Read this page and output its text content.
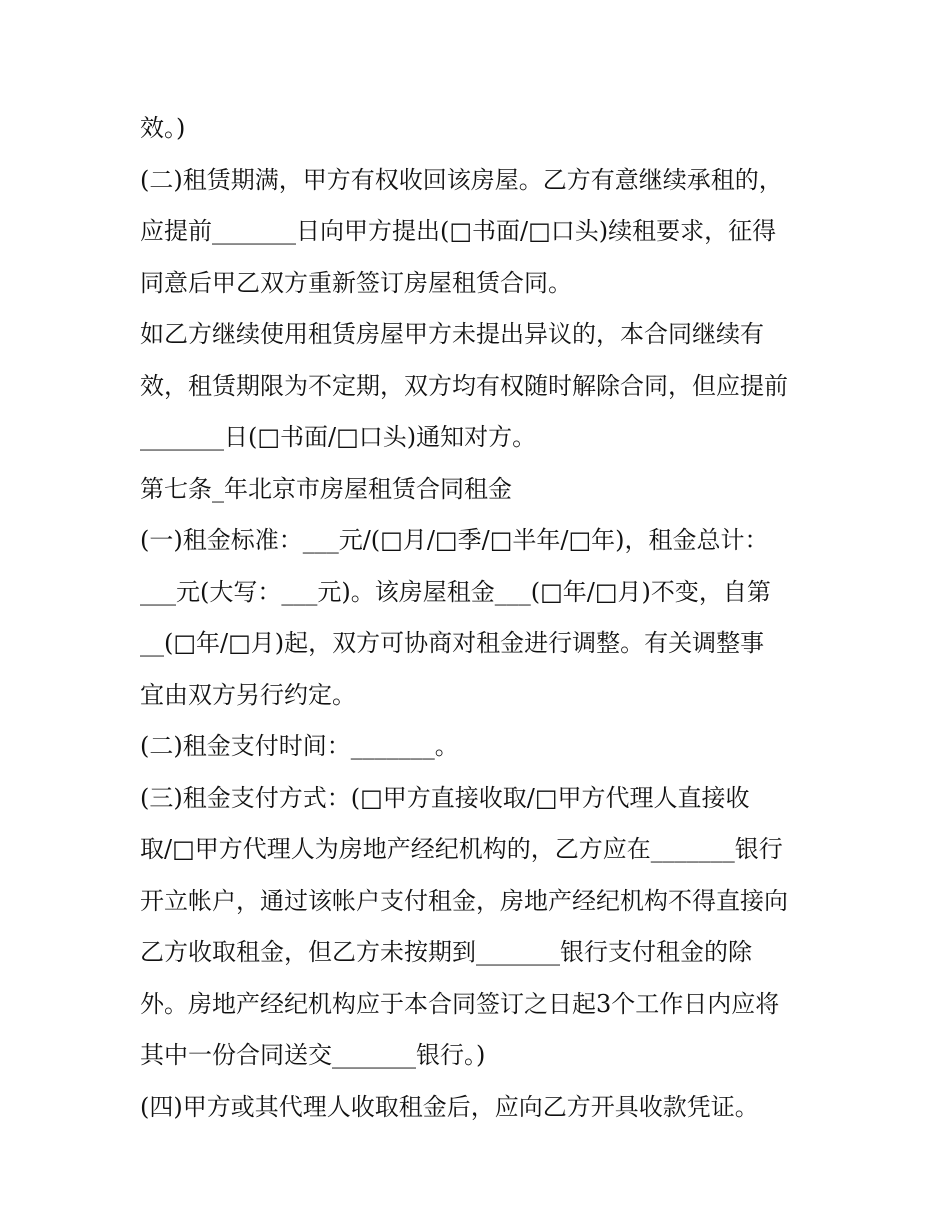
效。)
(二)租赁期满，甲方有权收回该房屋。乙方有意继续承租的，
应提前_______日向甲方提出(□书面/□口头)续租要求，征得
同意后甲乙双方重新签订房屋租赁合同。
如乙方继续使用租赁房屋甲方未提出异议的，本合同继续有
效，租赁期限为不定期，双方均有权随时解除合同，但应提前
_______日(□书面/□口头)通知对方。
第七条_年北京市房屋租赁合同租金
(一)租金标准：___元/(□月/□季/□半年/□年)，租金总计：
___元(大写：___元)。该房屋租金___(□年/□月)不变，自第
__(□年/□月)起，双方可协商对租金进行调整。有关调整事
宜由双方另行约定。
(二)租金支付时间：_______。
(三)租金支付方式：(□甲方直接收取/□甲方代理人直接收
取/□甲方代理人为房地产经纪机构的，乙方应在_______银行
开立帐户，通过该帐户支付租金，房地产经纪机构不得直接向
乙方收取租金，但乙方未按期到_______银行支付租金的除
外。房地产经纪机构应于本合同签订之日起3个工作日内应将
其中一份合同送交_______银行。)
(四)甲方或其代理人收取租金后，应向乙方开具收款凭证。
